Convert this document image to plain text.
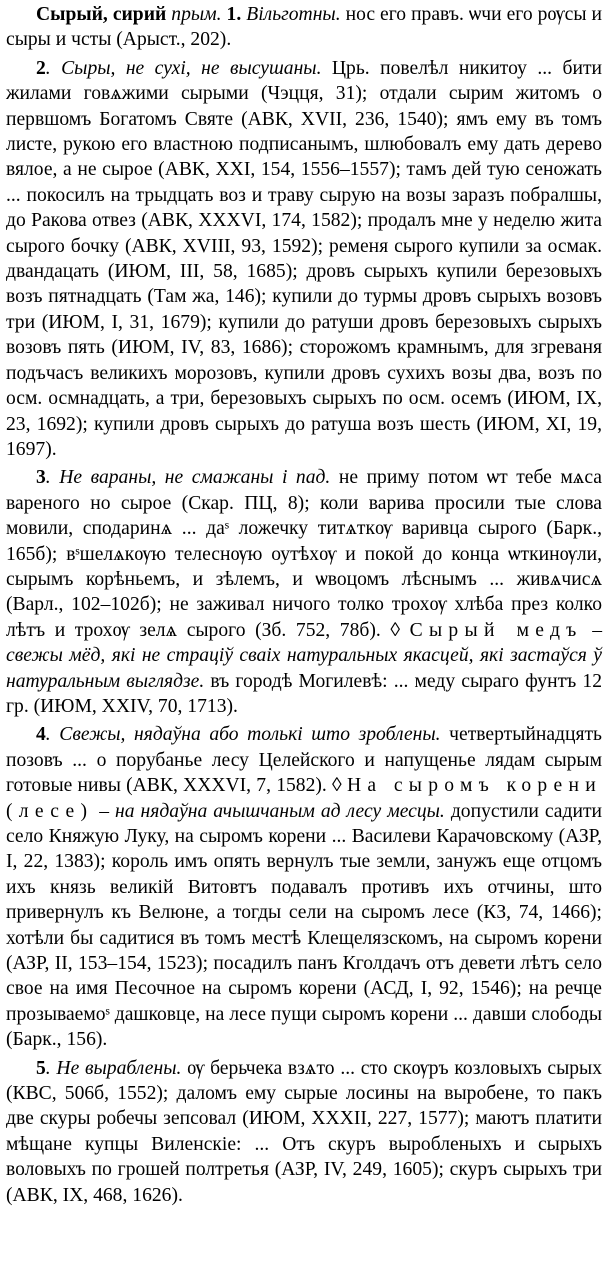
Сырый, сирий прым. 1. Вільготны. нос его правъ. ѡчи его рѹсы и сыры и чсты (Арыст., 202).

2. Сыры, не сухі, не высушаны. Црь. повелѣл никитоу ... бити жилами говѧжими сырыми (Чэцця, 31); отдали сырим житомъ о первшомъ Богатомъ Святе (АВК, XVII, 236, 1540); ямъ ему въ томъ листе, рукою его властною подписанымъ, шлюбовалъ ему дать дерево вялое, а не сырое (АВК, XXI, 154, 1556–1557); тамъ дей тую сеножать ... покосилъ на трыдцать воз и траву сырую на возы заразъ побралшы, до Ракова отвез (АВК, XXXVI, 174, 1582); продалъ мне у неделю жита сырого бочку (АВК, XVIII, 93, 1592); ременя сырого купили за осмак. двандацать (ИЮМ, III, 58, 1685); дровъ сырыхъ купили березовыхъ возъ пятнадцать (Там жа, 146); купили до турмы дровъ сырыхъ возовъ три (ИЮМ, I, 31, 1679); купили до ратуши дровъ березовыхъ сырыхъ возовъ пять (ИЮМ, IV, 83, 1686); сторожомъ крамнымъ, для згреваня подъчасъ великихъ морозовъ, купили дровъ сухихъ возы два, возъ по осм. осмнадцать, а три, березовыхъ сырыхъ по осм. осемъ (ИЮМ, IX, 23, 1692); купили дровъ сырыхъ до ратуша возъ шесть (ИЮМ, XI, 19, 1697).

3. Не вараны, не смажаны і пад. не приму потом ѡт тебе мѧса вареного но сырое (Скар. ПЦ, 8); коли варива просили тые слова мовили, сподаринѧ ... даˢ ложечку титѧткѹ варивца сырого (Барк., 165б); вˢшелѧкѹю телеснѹю оутѣхѹ и покой до конца ѡткинѹли, сырымъ корѣньемъ, и зѣлемъ, и ѡвоцомъ лѣснымъ ... живѧчисѧ (Варл., 102–102б); не заживал ничого толко трохѹ хлѣба през колко лѣтъ и трохѹ зелѧ сырого (Зб. 752, 78б). ◊ Сырый медъ – свежы мёд, які не страціў сваіх натуральных якасцей, які застаўся ў натуральным выглядзе. въ городѣ Могилевѣ: ... меду сыраго фунтъ 12 гр. (ИЮМ, XXIV, 70, 1713).

4. Свежы, нядаўна або толькі што зроблены. четвертыйнадцять позовъ ... о порубанье лесу Целейского и напущенье лядам сырым готовые нивы (АВК, XXXVI, 7, 1582). ◊ На сыромъ корени (лесе) – на нядаўна ачышчаным ад лесу месцы. допустили садити село Княжую Луку, на сыромъ корени ... Василеви Карачовскому (АЗР, I, 22, 1383); король имъ опять вернулъ тые земли, занужъ еще отцомъ ихъ князь великій Витовтъ подавалъ противъ ихъ отчины, што привернулъ къ Велюне, а тогды сели на сыромъ лесе (КЗ, 74, 1466); хотѣли бы садитися въ томъ местѣ Клещелязскомъ, на сыромъ корени (АЗР, II, 153–154, 1523); посадилъ панъ Кголдачъ отъ девети лѣтъ село свое на имя Песочное на сыромъ корени (АСД, I, 92, 1546); на речце прозываемоˢ дашковце, на лесе пущи сыромъ корени ... давши слободы (Барк., 156).

5. Не выраблены. ѹ берьчека взѧто ... сто скѹръ козловыхъ сырых (КВС, 506б, 1552); даломъ ему сырые лосины на выробене, то пакъ две скуры робечы зепсовал (ИЮМ, XXXII, 227, 1577); маютъ платити мѣщане купцы Виленскіе: ... Отъ скуръ выробленыхъ и сырыхъ воловыхъ по грошей полтретья (АЗР, IV, 249, 1605); скуръ сырыхъ три (АВК, IX, 468, 1626).
